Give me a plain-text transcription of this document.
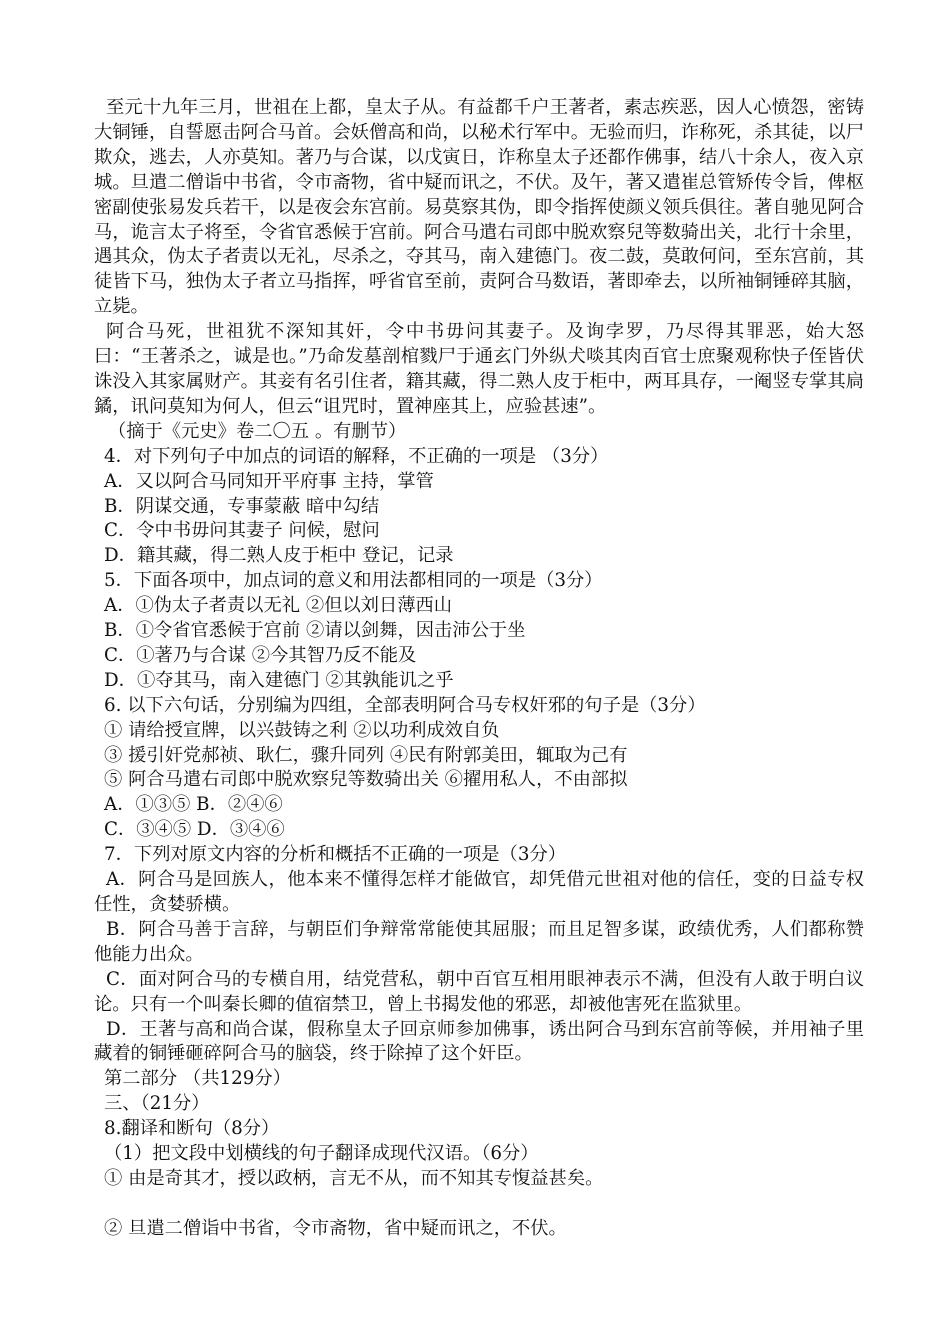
至元十九年三月，世祖在上都，皇太子从。有益都千户王著者，素志疾恶，因人心愤怨，密铸大铜锤，自誓愿击阿合马首。会妖僧高和尚，以秘术行军中。无验而归，诈称死，杀其徒，以尸欺众，逃去，人亦莫知。著乃与合谋，以戊寅日，诈称皇太子还都作佛事，结八十余人，夜入京城。旦遣二僧诣中书省，令市斋物，省中疑而讯之，不伏。及午，著又遣崔总管矫传令旨，俾枢密副使张易发兵若干，以是夜会东宫前。易莫察其伪，即令指挥使颜义领兵俱往。著自驰见阿合马，诡言太子将至，令省官悉候于宫前。阿合马遣右司郎中脱欢察兒等数骑出关，北行十余里，遇其众，伪太子者责以无礼，尽杀之，夺其马，南入建德门。夜二鼓，莫敢何问，至东宫前，其徒皆下马，独伪太子者立马指挥，呼省官至前，责阿合马数语，著即牵去，以所袖铜锤碎其脑，立毙。

阿合马死，世祖犹不深知其奸，令中书毋问其妻子。及询孛罗，乃尽得其罪恶，始大怒曰：“王著杀之，诚是也。”乃命发墓剖棺戮尸于通玄门外纵犬啖其肉百官士庶聚观称快子侄皆伏诛没入其家属财产。其妾有名引住者，籍其藏，得二熟人皮于柜中，两耳具存，一阉竖专掌其扃鐍，讯问莫知为何人，但云“诅咒时，置神座其上，应验甚速”。

（摘于《元史》卷二〇五 。有删节）

4．对下列句子中加点的词语的解释，不正确的一项是 （3分）

A．又以阿合马同知开平府事 主持，掌管

B．阴谋交通，专事蒙蔽 暗中勾结

C．令中书毋问其妻子 问候，慰问

D．籍其藏，得二熟人皮于柜中 登记，记录

5．下面各项中，加点词的意义和用法都相同的一项是（3分）

A．①伪太子者责以无礼 ②但以刘日薄西山

B．①令省官悉候于宫前 ②请以剑舞，因击沛公于坐

C．①著乃与合谋 ②今其智乃反不能及

D．①夺其马，南入建德门 ②其孰能讥之乎

6. 以下六句话，分别编为四组，全部表明阿合马专权奸邪的句子是（3分）

① 请给授宣牌，以兴鼓铸之利 ②以功利成效自负

③ 援引奸党郝祯、耿仁，骤升同列 ④民有附郭美田，辄取为己有

⑤ 阿合马遣右司郎中脱欢察兒等数骑出关 ⑥擢用私人，不由部拟

A．①③⑤ B．②④⑥

C．③④⑤ D．③④⑥

7．下列对原文内容的分析和概括不正确的一项是（3分）

A．阿合马是回族人，他本来不懂得怎样才能做官，却凭借元世祖对他的信任，变的日益专权任性，贪婪骄横。

B．阿合马善于言辞，与朝臣们争辩常常能使其屈服；而且足智多谋，政绩优秀，人们都称赞他能力出众。

C．面对阿合马的专横自用，结党营私，朝中百官互相用眼神表示不满，但没有人敢于明白议论。只有一个叫秦长卿的值宿禁卫，曾上书揭发他的邪恶，却被他害死在监狱里。

D．王著与高和尚合谋，假称皇太子回京师参加佛事，诱出阿合马到东宫前等候，并用袖子里藏着的铜锤砸碎阿合马的脑袋，终于除掉了这个奸臣。

第二部分 （共129分）

三、（21分）

8.翻译和断句（8分）

（1）把文段中划横线的句子翻译成现代汉语。（6分）

① 由是奇其才，授以政柄，言无不从，而不知其专愎益甚矣。

② 旦遣二僧诣中书省，令市斋物，省中疑而讯之，不伏。
